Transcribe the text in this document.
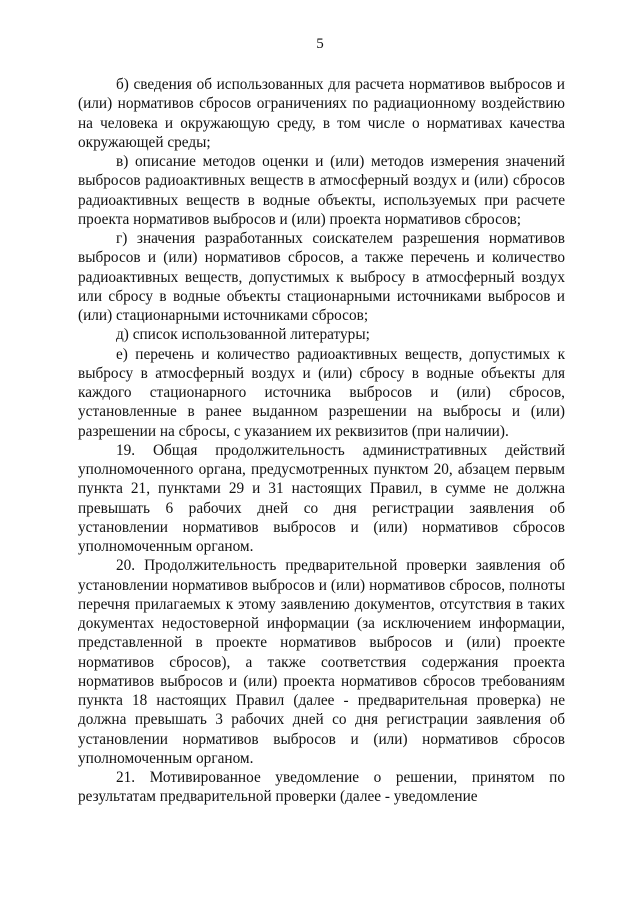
5

б) сведения об использованных для расчета нормативов выбросов и (или) нормативов сбросов ограничениях по радиационному воздействию на человека и окружающую среду, в том числе о нормативах качества окружающей среды;

в) описание методов оценки и (или) методов измерения значений выбросов радиоактивных веществ в атмосферный воздух и (или) сбросов радиоактивных веществ в водные объекты, используемых при расчете проекта нормативов выбросов и (или) проекта нормативов сбросов;

г) значения разработанных соискателем разрешения нормативов выбросов и (или) нормативов сбросов, а также перечень и количество радиоактивных веществ, допустимых к выбросу в атмосферный воздух или сбросу в водные объекты стационарными источниками выбросов и (или) стационарными источниками сбросов;

д) список использованной литературы;

е) перечень и количество радиоактивных веществ, допустимых к выбросу в атмосферный воздух и (или) сбросу в водные объекты для каждого стационарного источника выбросов и (или) сбросов, установленные в ранее выданном разрешении на выбросы и (или) разрешении на сбросы, с указанием их реквизитов (при наличии).

19. Общая продолжительность административных действий уполномоченного органа, предусмотренных пунктом 20, абзацем первым пункта 21, пунктами 29 и 31 настоящих Правил, в сумме не должна превышать 6 рабочих дней со дня регистрации заявления об установлении нормативов выбросов и (или) нормативов сбросов уполномоченным органом.

20. Продолжительность предварительной проверки заявления об установлении нормативов выбросов и (или) нормативов сбросов, полноты перечня прилагаемых к этому заявлению документов, отсутствия в таких документах недостоверной информации (за исключением информации, представленной в проекте нормативов выбросов и (или) проекте нормативов сбросов), а также соответствия содержания проекта нормативов выбросов и (или) проекта нормативов сбросов требованиям пункта 18 настоящих Правил (далее - предварительная проверка) не должна превышать 3 рабочих дней со дня регистрации заявления об установлении нормативов выбросов и (или) нормативов сбросов уполномоченным органом.

21. Мотивированное уведомление о решении, принятом по результатам предварительной проверки (далее - уведомление
